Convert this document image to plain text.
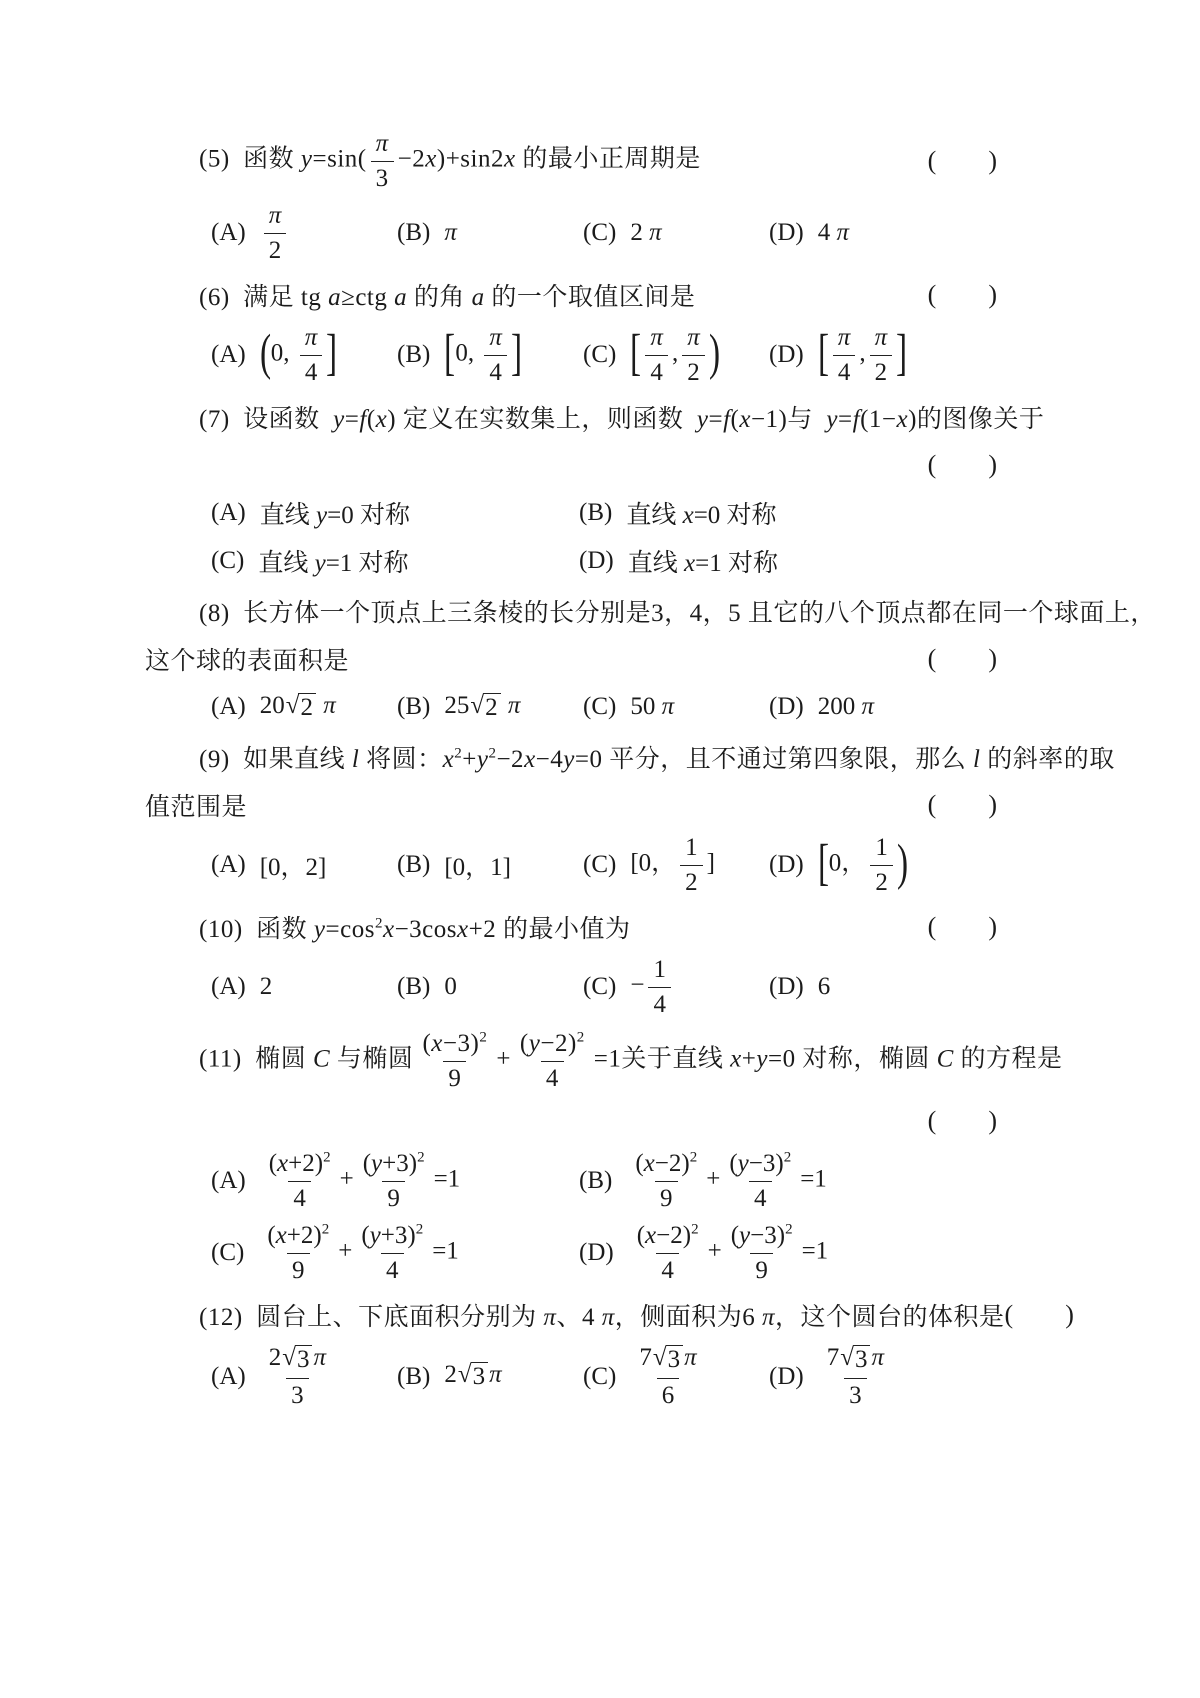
(5)  函数 $y=\sin( \frac{\pi}{3} -2x)+\sin 2x$ 的最小正周期是	(  )
$(A) \frac{\pi}{2}$	(B) π	(C) 2 π	(D) 4 π
(6)  满足 tg a≥ctg a 的角 a 的一个取值区间是	(  )
(A) (0, $\frac{\pi}{4}$ ] (B) [0, $\frac{\pi}{4}$ ] (C) [ $\frac{\pi}{4}$ , $\frac{\pi}{2}$ ) (D) [ $\frac{\pi}{4}$ , $\frac{\pi}{2}$ ]
(7)  设函数  y=f(x) 定义在实数集上，则函数  y=f(x−1)与  y=f(1−x)的图像关于
(  )
(A) 直线 y=0 对称	(B) 直线 x=0 对称
(C) 直线 y=1 对称	(D) 直线 x=1 对称
(8)  长方体一个顶点上三条棱的长分别是3，4，5 且它的八个顶点都在同一个球面上，
这个球的表面积是	(  )
(A) 20 √ 2 π (B) 25 √ 2 π	(C) 50 π	(D) 200 π
(9)  如果直线 l 将圆：$x^2+y^2-2x-4y=0$ 平分，且不通过第四象限，那么 l 的斜率的取
值范围是	(  )
(A) [0，2]	(B) [0，1]	(C) [0， $\frac{1}{2}$ ] (D) [0， $\frac{1}{2}$ )
(10)  函数 $y=\cos^2x-3\cos x+2$ 的最小值为	(  )
(A) 2	(B) 0	$(C) - \frac{1}{4}$	(D) 6
(11)  椭圆 C 与椭圆 $\frac{(x-3)^2}{9} + \frac{(y-2)^2}{4} =1$关于直线 x+y=0 对称，椭圆 C 的方程是
(  )
$(A) \frac{(x+2)^2}{4} + \frac{(y+3)^2}{9} =1$	$(B) \frac{(x-2)^2}{9} + \frac{(y-3)^2}{4} =1$
$(C) \frac{(x+2)^2}{9} + \frac{(y+3)^2}{4} =1$	$(D) \frac{(x-2)^2}{4} + \frac{(y-3)^2}{9} =1$
(12)  圆台上、下底面积分别为 π、4 π，侧面积为6 π，这个圆台的体积是 (  )
$(A) \frac{2 √ 3 \pi}{3}$	(B) 2 √ 3 π	$(C) \frac{7 √ 3 \pi}{6}$	$(D) \frac{7 √ 3 \pi}{3}$
